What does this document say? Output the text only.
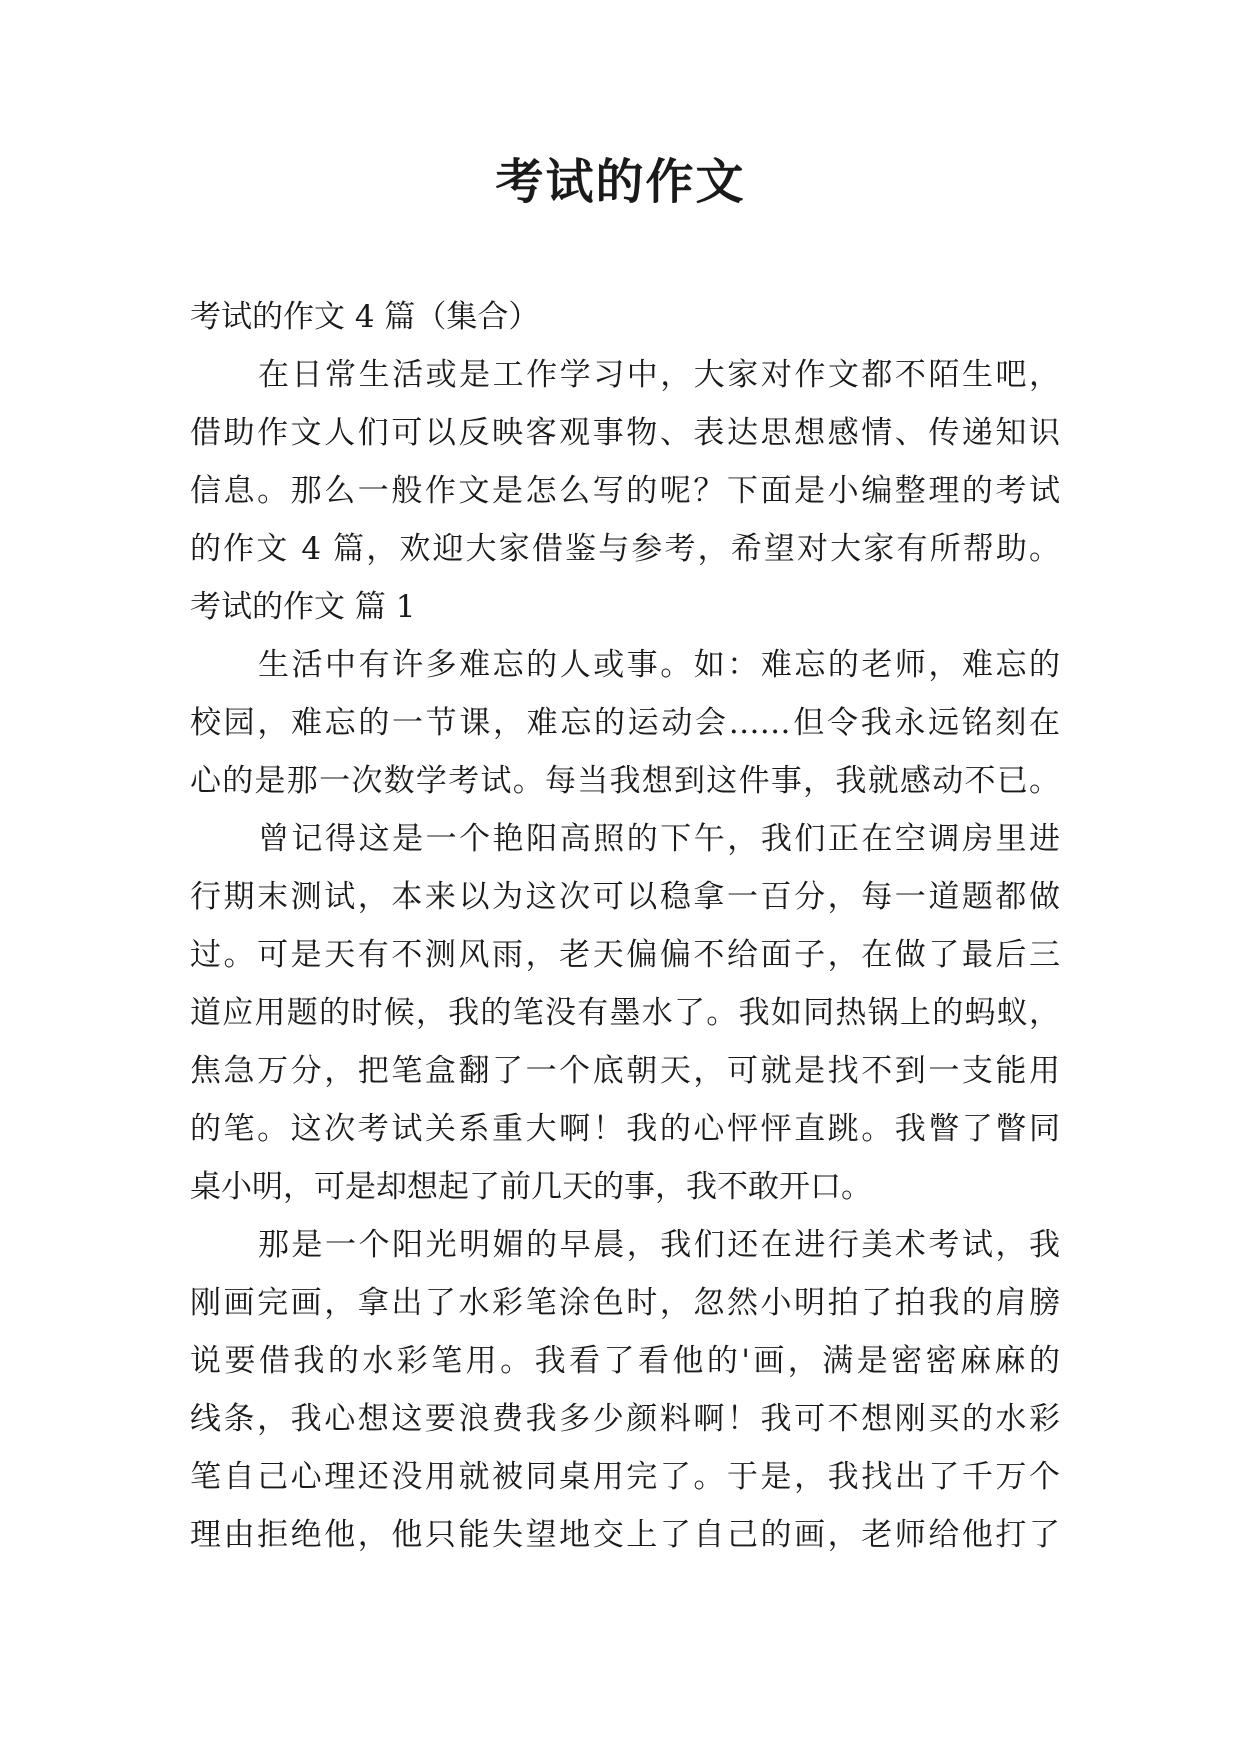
考试的作文
考试的作文 4 篇（集合）
在日常生活或是工作学习中，大家对作文都不陌生吧，
借助作文人们可以反映客观事物、表达思想感情、传递知识
信息。那么一般作文是怎么写的呢？下面是小编整理的考试
的作文 4 篇，欢迎大家借鉴与参考，希望对大家有所帮助。
考试的作文 篇 1
生活中有许多难忘的人或事。如：难忘的老师，难忘的
校园，难忘的一节课，难忘的运动会……但令我永远铭刻在
心的是那一次数学考试。每当我想到这件事，我就感动不已。
曾记得这是一个艳阳高照的下午，我们正在空调房里进
行期末测试，本来以为这次可以稳拿一百分，每一道题都做
过。可是天有不测风雨，老天偏偏不给面子，在做了最后三
道应用题的时候，我的笔没有墨水了。我如同热锅上的蚂蚁，
焦急万分，把笔盒翻了一个底朝天，可就是找不到一支能用
的笔。这次考试关系重大啊！我的心怦怦直跳。我瞥了瞥同
桌小明，可是却想起了前几天的事，我不敢开口。
那是一个阳光明媚的早晨，我们还在进行美术考试，我
刚画完画，拿出了水彩笔涂色时，忽然小明拍了拍我的肩膀
说要借我的水彩笔用。我看了看他的'画，满是密密麻麻的
线条，我心想这要浪费我多少颜料啊！我可不想刚买的水彩
笔自己心理还没用就被同桌用完了。于是，我找出了千万个
理由拒绝他，他只能失望地交上了自己的画，老师给他打了
